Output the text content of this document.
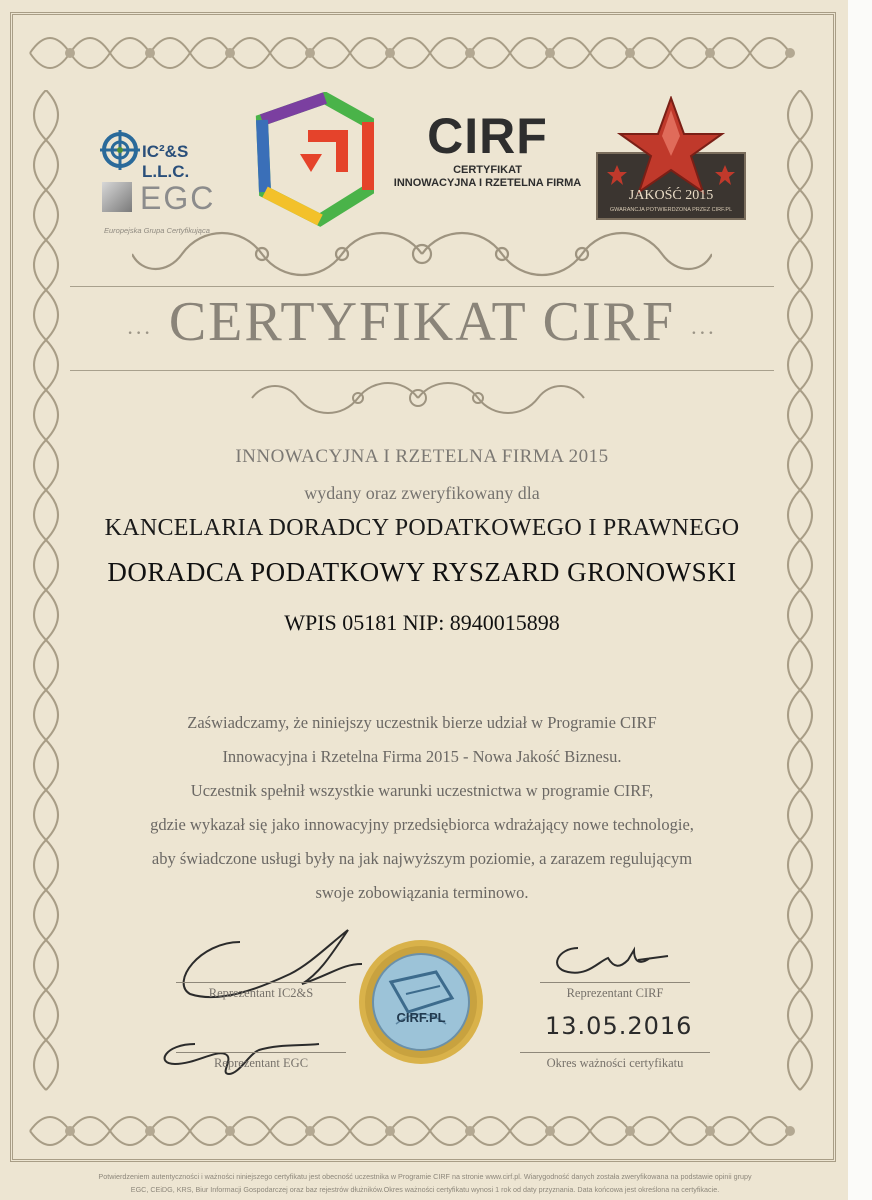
IC²&S L.L.C.
EGC
Europejska Grupa Certyfikująca
CIRF
CERTYFIKAT
INNOWACYJNA I RZETELNA FIRMA
JAKOŚĆ 2015
GWARANCJA POTWIERDZONA PRZEZ CIRF.PL
... CERTYFIKAT CIRF ...
INNOWACYJNA I RZETELNA FIRMA 2015
wydany oraz zweryfikowany dla
KANCELARIA DORADCY PODATKOWEGO I PRAWNEGO
DORADCA PODATKOWY RYSZARD GRONOWSKI
WPIS 05181 NIP: 8940015898
Zaświadczamy, że niniejszy uczestnik bierze udział w Programie CIRF
Innowacyjna i Rzetelna Firma 2015 - Nowa Jakość Biznesu.
Uczestnik spełnił wszystkie warunki uczestnictwa w programie CIRF,
gdzie wykazał się jako innowacyjny przedsiębiorca wdrażający nowe technologie,
aby świadczone usługi były na jak najwyższym poziomie, a zarazem regulującym
swoje zobowiązania terminowo.
Reprezentant IC2&S	Reprezentant CIRF
Reprezentant EGC
13.05.2016
Okres ważności certyfikatu
CIRF.PL
Potwierdzeniem autentyczności i ważności niniejszego certyfikatu jest obecność uczestnika w Programie CIRF na stronie www.cirf.pl. Wiarygodność danych została zweryfikowana na podstawie opinii grupy
EGC, CEiDG, KRS, Biur Informacji Gospodarczej oraz baz rejestrów dłużników.Okres ważności certyfikatu wynosi 1 rok od daty przyznania. Data końcowa jest określona na certyfikacie.
